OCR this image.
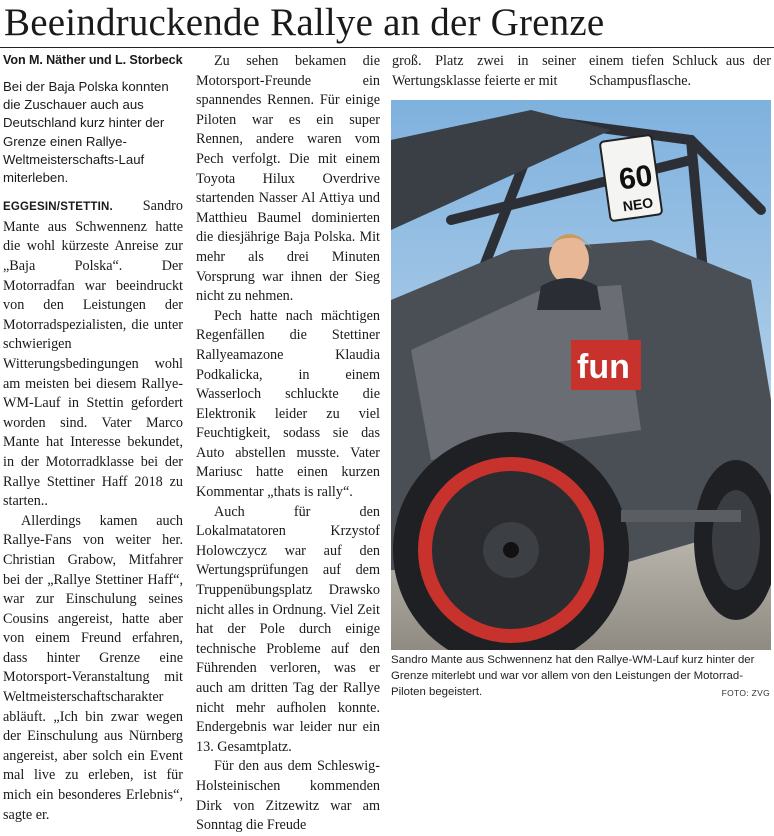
Beeindruckende Rallye an der Grenze

Von M. Näther und L. Storbeck

Bei der Baja Polska konnten die Zuschauer auch aus Deutschland kurz hinter der Grenze einen Rallye-Weltmeisterschafts-Lauf miterleben.

EGGESIN/STETTIN. Sandro Mante aus Schwennenz hatte die wohl kürzeste Anreise zur „Baja Polska“. Der Motorradfan war beeindruckt von den Leistungen der Motorradspezialisten, die unter schwierigen Witterungsbedingungen wohl am meisten bei diesem Rallye-WM-Lauf in Stettin gefordert worden sind. Vater Marco Mante hat Interesse bekundet, in der Motorradklasse bei der Rallye Stettiner Haff 2018 zu starten..

Allerdings kamen auch Rallye-Fans von weiter her. Christian Grabow, Mitfahrer bei der „Rallye Stettiner Haff“, war zur Einschulung seines Cousins angereist, hatte aber von einem Freund erfahren, dass hinter Grenze eine Motorsport-Veranstaltung mit Weltmeisterschaftscharakter abläuft. „Ich bin zwar wegen der Einschulung aus Nürnberg angereist, aber solch ein Event mal live zu erleben, ist für mich ein besonderes Erlebnis“, sagte er.

Zu sehen bekamen die Motorsport-Freunde ein spannendes Rennen. Für einige Piloten war es ein super Rennen, andere waren vom Pech verfolgt. Die mit einem Toyota Hilux Overdrive startenden Nasser Al Attiya und Matthieu Baumel dominierten die diesjährige Baja Polska. Mit mehr als drei Minuten Vorsprung war ihnen der Sieg nicht zu nehmen.

Pech hatte nach mächtigen Regenfällen die Stettiner Rallyeamazone Klaudia Podkalicka, in einem Wasserloch schluckte die Elektronik leider zu viel Feuchtigkeit, sodass sie das Auto abstellen musste. Vater Mariusc hatte einen kurzen Kommentar „thats is rally“.

Auch für den Lokalmatatoren Krzystof Holowczycz war auf den Wertungsprüfungen auf dem Truppenübungsplatz Drawsko nicht alles in Ordnung. Viel Zeit hat der Pole durch einige technische Probleme auf den Führenden verloren, was er auch am dritten Tag der Rallye nicht mehr aufholen konnte. Endergebnis war leider nur ein 13. Gesamtplatz.

Für den aus dem Schleswig-Holsteinischen kommenden Dirk von Zitzewitz war am Sonntag die Freude

groß. Platz zwei in seiner Wertungsklasse feierte er mit

einem tiefen Schluck aus der Schampusflasche.

60
NEO
fun
Sandro Mante aus Schwennenz hat den Rallye-WM-Lauf kurz hinter der Grenze miterlebt und war vor allem von den Leistungen der Motorrad-Piloten begeistert.	FOTO: ZVG
